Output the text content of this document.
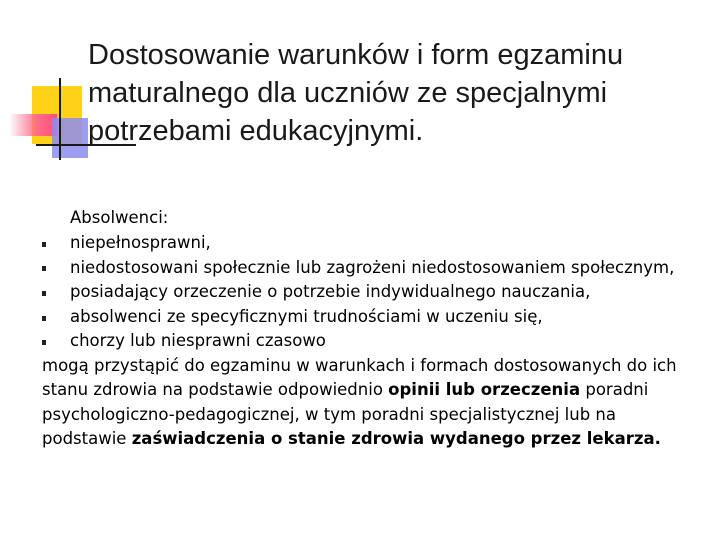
Dostosowanie warunków i form egzaminu maturalnego dla uczniów ze specjalnymi potrzebami edukacyjnymi.
Absolwenci:
niepełnosprawni,
niedostosowani społecznie lub zagrożeni niedostosowaniem społecznym,
posiadający orzeczenie o potrzebie indywidualnego nauczania,
absolwenci ze specyficznymi trudnościami w uczeniu się,
chorzy lub niesprawni czasowo

mogą przystąpić do egzaminu w warunkach i formach dostosowanych do ich stanu zdrowia na podstawie odpowiednio opinii lub orzeczenia poradni psychologiczno-pedagogicznej, w tym poradni specjalistycznej lub na podstawie zaświadczenia o stanie zdrowia wydanego przez lekarza.
